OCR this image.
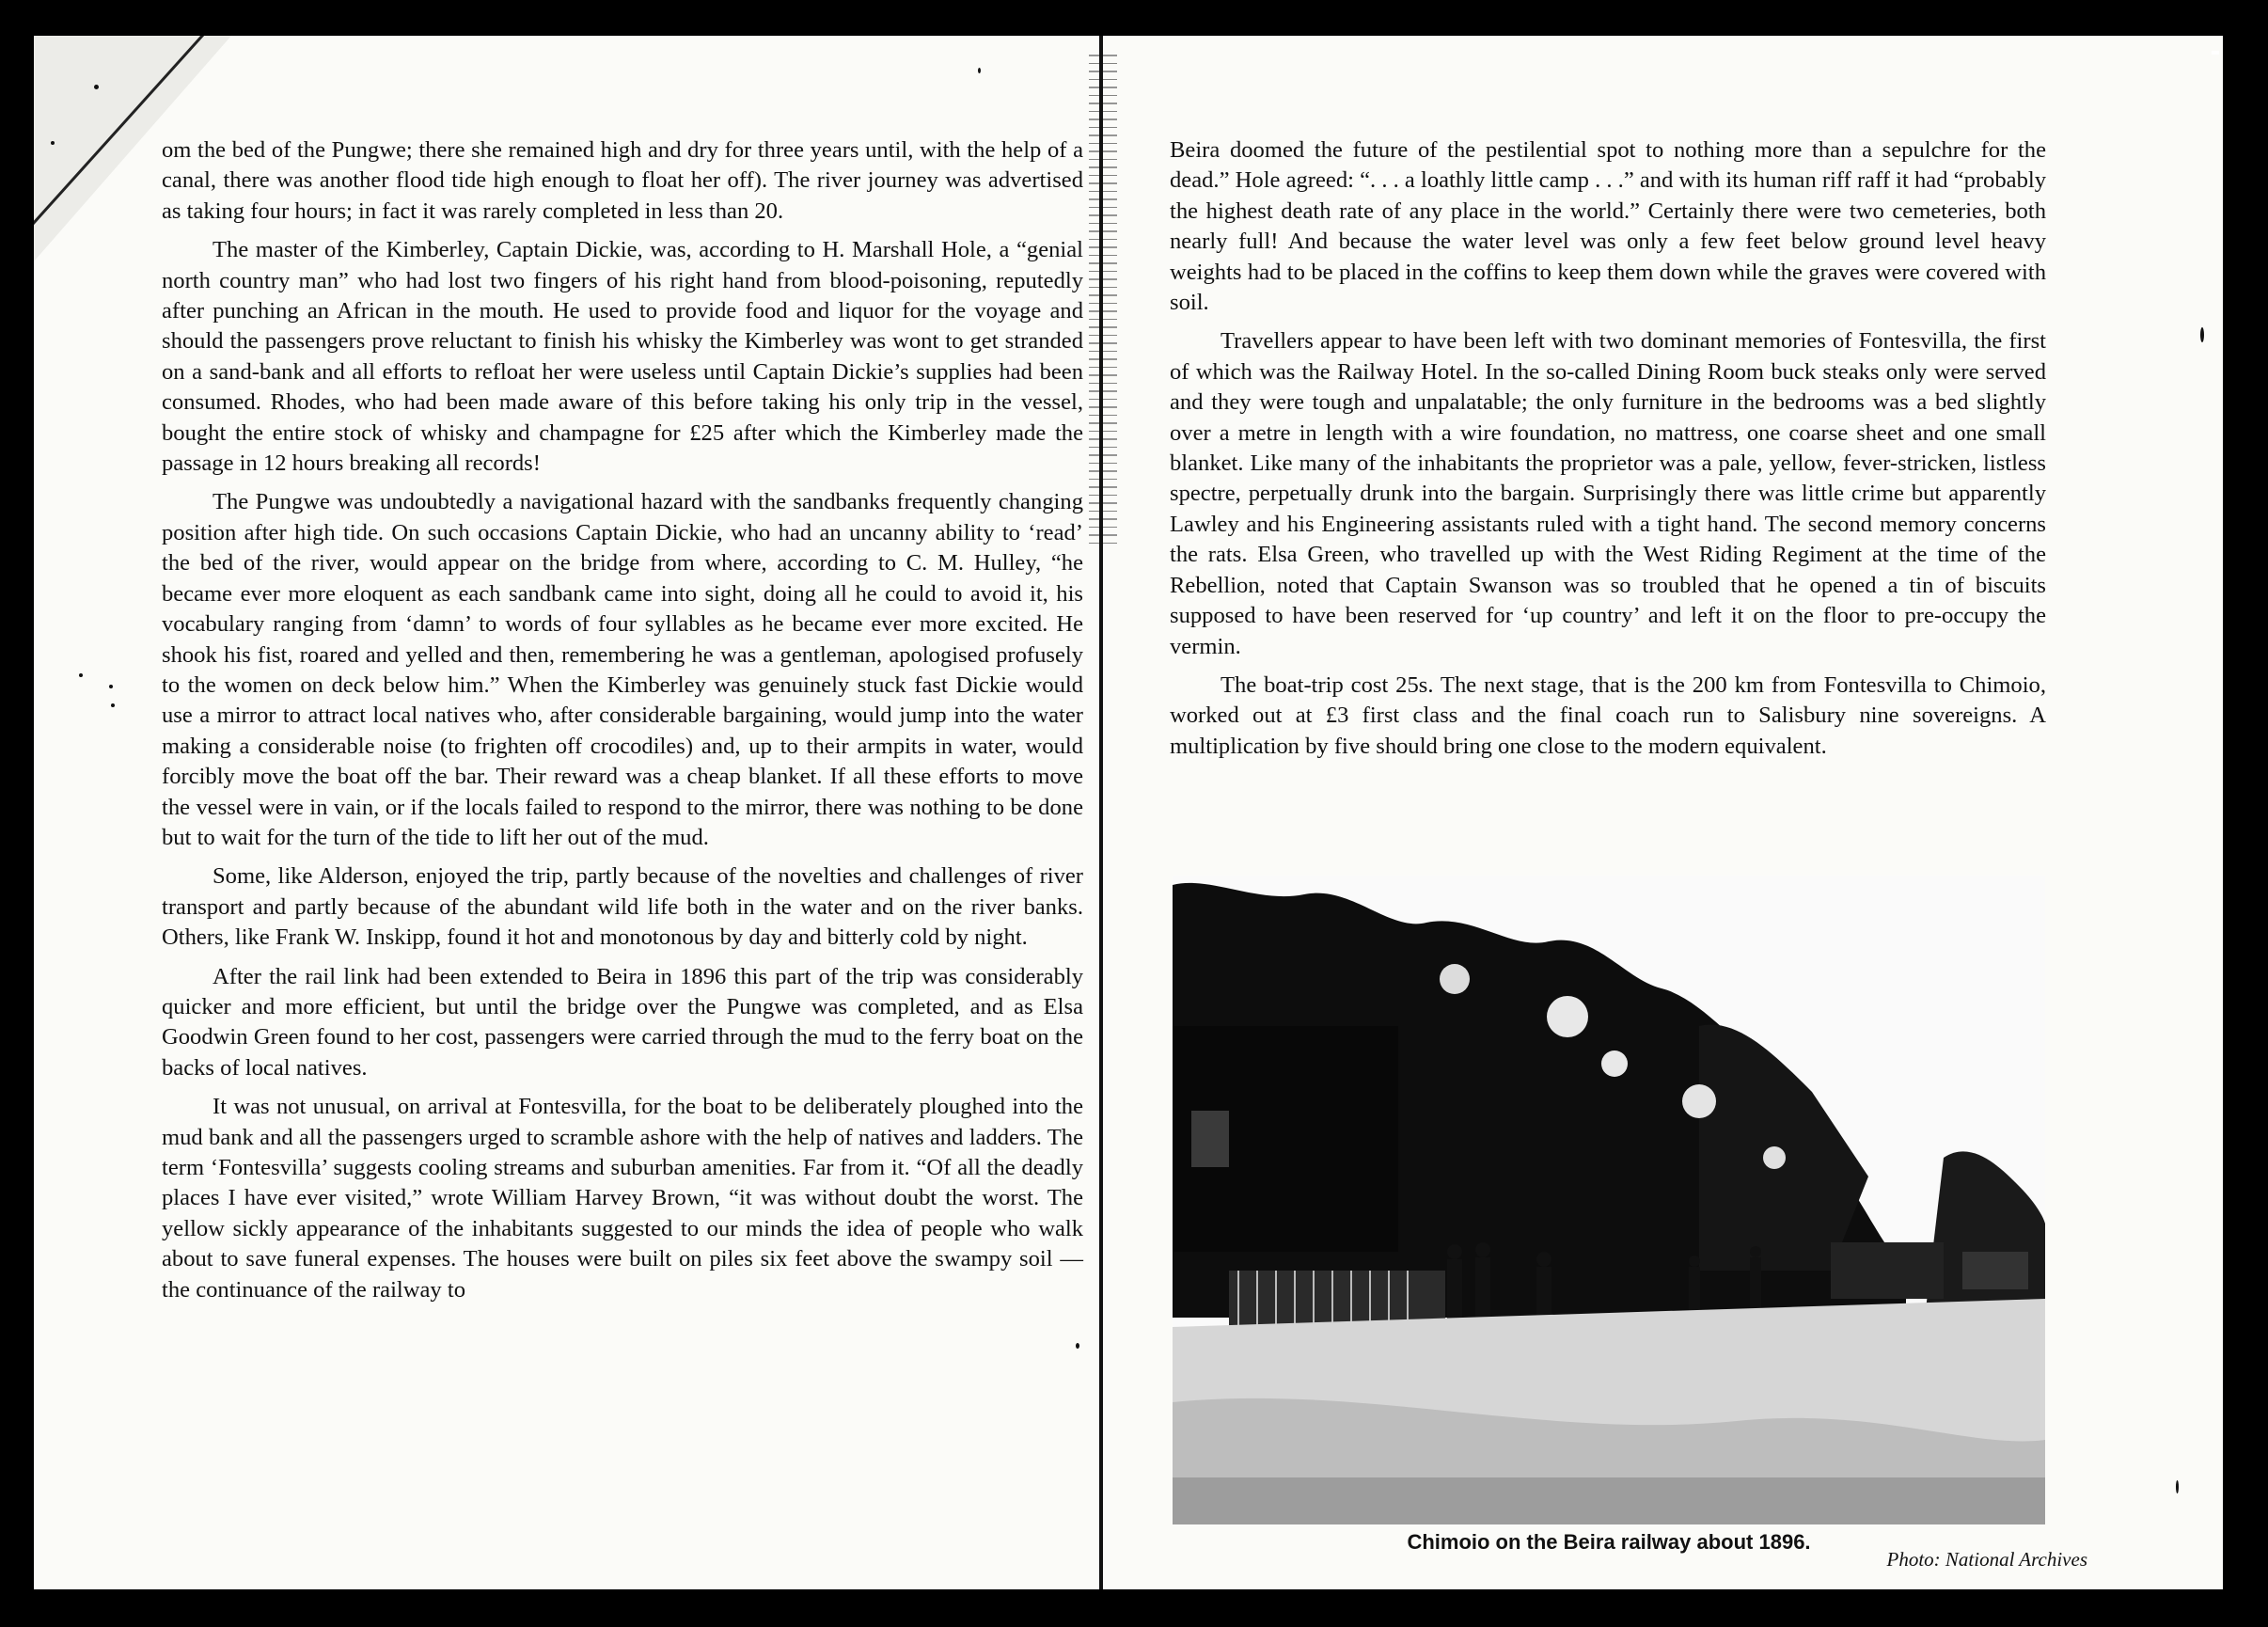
om the bed of the Pungwe; there she remained high and dry for three years until, with the help of a canal, there was another flood tide high enough to float her off). The river journey was advertised as taking four hours; in fact it was rarely completed in less than 20.

The master of the Kimberley, Captain Dickie, was, according to H. Marshall Hole, a “genial north country man” who had lost two fingers of his right hand from blood-poisoning, reputedly after punching an African in the mouth. He used to provide food and liquor for the voyage and should the passengers prove reluctant to finish his whisky the Kimberley was wont to get stranded on a sand-bank and all efforts to refloat her were useless until Captain Dickie’s supplies had been consumed. Rhodes, who had been made aware of this before taking his only trip in the vessel, bought the entire stock of whisky and champagne for £25 after which the Kimberley made the passage in 12 hours breaking all records!

The Pungwe was undoubtedly a navigational hazard with the sandbanks frequently changing position after high tide. On such occasions Captain Dickie, who had an uncanny ability to ‘read’ the bed of the river, would appear on the bridge from where, according to C. M. Hulley, “he became ever more eloquent as each sandbank came into sight, doing all he could to avoid it, his vocabulary ranging from ‘damn’ to words of four syllables as he became ever more excited. He shook his fist, roared and yelled and then, remembering he was a gentleman, apologised profusely to the women on deck below him.” When the Kimberley was genuinely stuck fast Dickie would use a mirror to attract local natives who, after considerable bargaining, would jump into the water making a considerable noise (to frighten off crocodiles) and, up to their armpits in water, would forcibly move the boat off the bar. Their reward was a cheap blanket. If all these efforts to move the vessel were in vain, or if the locals failed to respond to the mirror, there was nothing to be done but to wait for the turn of the tide to lift her out of the mud.

Some, like Alderson, enjoyed the trip, partly because of the novelties and challenges of river transport and partly because of the abundant wild life both in the water and on the river banks. Others, like Frank W. Inskipp, found it hot and monotonous by day and bitterly cold by night.

After the rail link had been extended to Beira in 1896 this part of the trip was considerably quicker and more efficient, but until the bridge over the Pungwe was completed, and as Elsa Goodwin Green found to her cost, passengers were carried through the mud to the ferry boat on the backs of local natives.

It was not unusual, on arrival at Fontesvilla, for the boat to be deliberately ploughed into the mud bank and all the passengers urged to scramble ashore with the help of natives and ladders. The term ‘Fontesvilla’ suggests cooling streams and suburban amenities. Far from it. “Of all the deadly places I have ever visited,” wrote William Harvey Brown, “it was without doubt the worst. The yellow sickly appearance of the inhabitants suggested to our minds the idea of people who walk about to save funeral expenses. The houses were built on piles six feet above the swampy soil — the continuance of the railway to

Beira doomed the future of the pestilential spot to nothing more than a sepulchre for the dead.” Hole agreed: “. . . a loathly little camp . . .” and with its human riff raff it had “probably the highest death rate of any place in the world.” Certainly there were two cemeteries, both nearly full! And because the water level was only a few feet below ground level heavy weights had to be placed in the coffins to keep them down while the graves were covered with soil.

Travellers appear to have been left with two dominant memories of Fontesvilla, the first of which was the Railway Hotel. In the so-called Dining Room buck steaks only were served and they were tough and unpalatable; the only furniture in the bedrooms was a bed slightly over a metre in length with a wire foundation, no mattress, one coarse sheet and one small blanket. Like many of the inhabitants the proprietor was a pale, yellow, fever-stricken, listless spectre, perpetually drunk into the bargain. Surprisingly there was little crime but apparently Lawley and his Engineering assistants ruled with a tight hand. The second memory concerns the rats. Elsa Green, who travelled up with the West Riding Regiment at the time of the Rebellion, noted that Captain Swanson was so troubled that he opened a tin of biscuits supposed to have been reserved for ‘up country’ and left it on the floor to pre-occupy the vermin.

The boat-trip cost 25s. The next stage, that is the 200 km from Fontesvilla to Chimoio, worked out at £3 first class and the final coach run to Salisbury nine sovereigns. A multiplication by five should bring one close to the modern equivalent.

Chimoio on the Beira railway about 1896.
Photo: National Archives
